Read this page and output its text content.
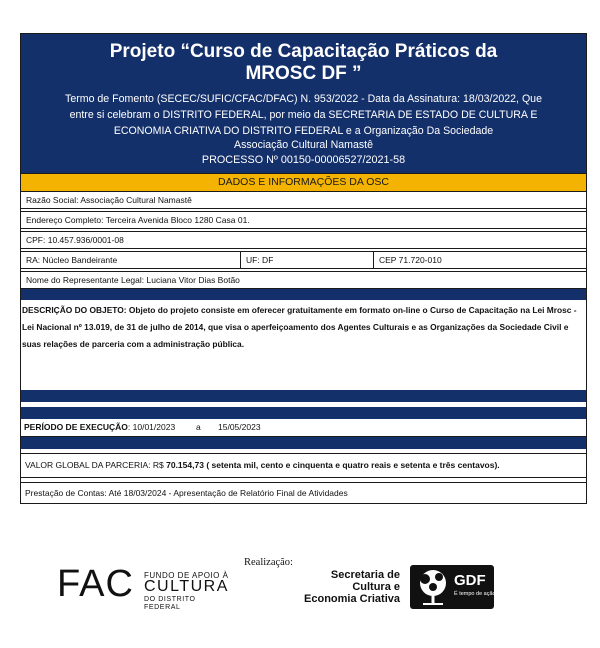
Projeto “Curso de Capacitação Práticos da
MROSC DF ”
Termo de Fomento (SECEC/SUFIC/CFAC/DFAC) N. 953/2022 - Data da Assinatura: 18/03/2022, Que
entre si celebram o DISTRITO FEDERAL, por meio da SECRETARIA DE ESTADO DE CULTURA E
ECONOMIA CRIATIVA DO DISTRITO FEDERAL e a Organização Da Sociedade
Associação Cultural Namastê
PROCESSO Nº 00150-00006527/2021-58
DADOS E INFORMAÇÕES DA OSC
Razão Social: Associação Cultural Namastê
Endereço Completo: Terceira Avenida Bloco 1280 Casa 01.
CPF: 10.457.936/0001-08
RA: Núcleo Bandeirante	UF: DF	CEP 71.720-010
Nome do Representante Legal: Luciana Vitor Dias Botão
DESCRIÇÃO DO OBJETO: Objeto do projeto consiste em oferecer gratuitamente em formato on-line o Curso de Capacitação na Lei Mrosc - Lei Nacional nº 13.019, de 31 de julho de 2014, que visa o aperfeiçoamento dos Agentes Culturais e as Organizações da Sociedade Civil e suas relações de parceria com a administração pública.
PERÍODO DE EXECUÇÃO: 10/01/2023 a 15/05/2023
VALOR GLOBAL DA PARCERIA: R$ 70.154,73 ( setenta mil, cento e cinquenta e quatro reais e setenta e três centavos).
Prestação de Contas: Até 18/03/2024 - Apresentação de Relatório Final de Atividades
FAC FUNDO DE APOIO À
CULTURA
DO DISTRITO FEDERAL
Realização:
Secretaria de
Cultura e
Economia Criativa
GDF
É tempo de ação.
